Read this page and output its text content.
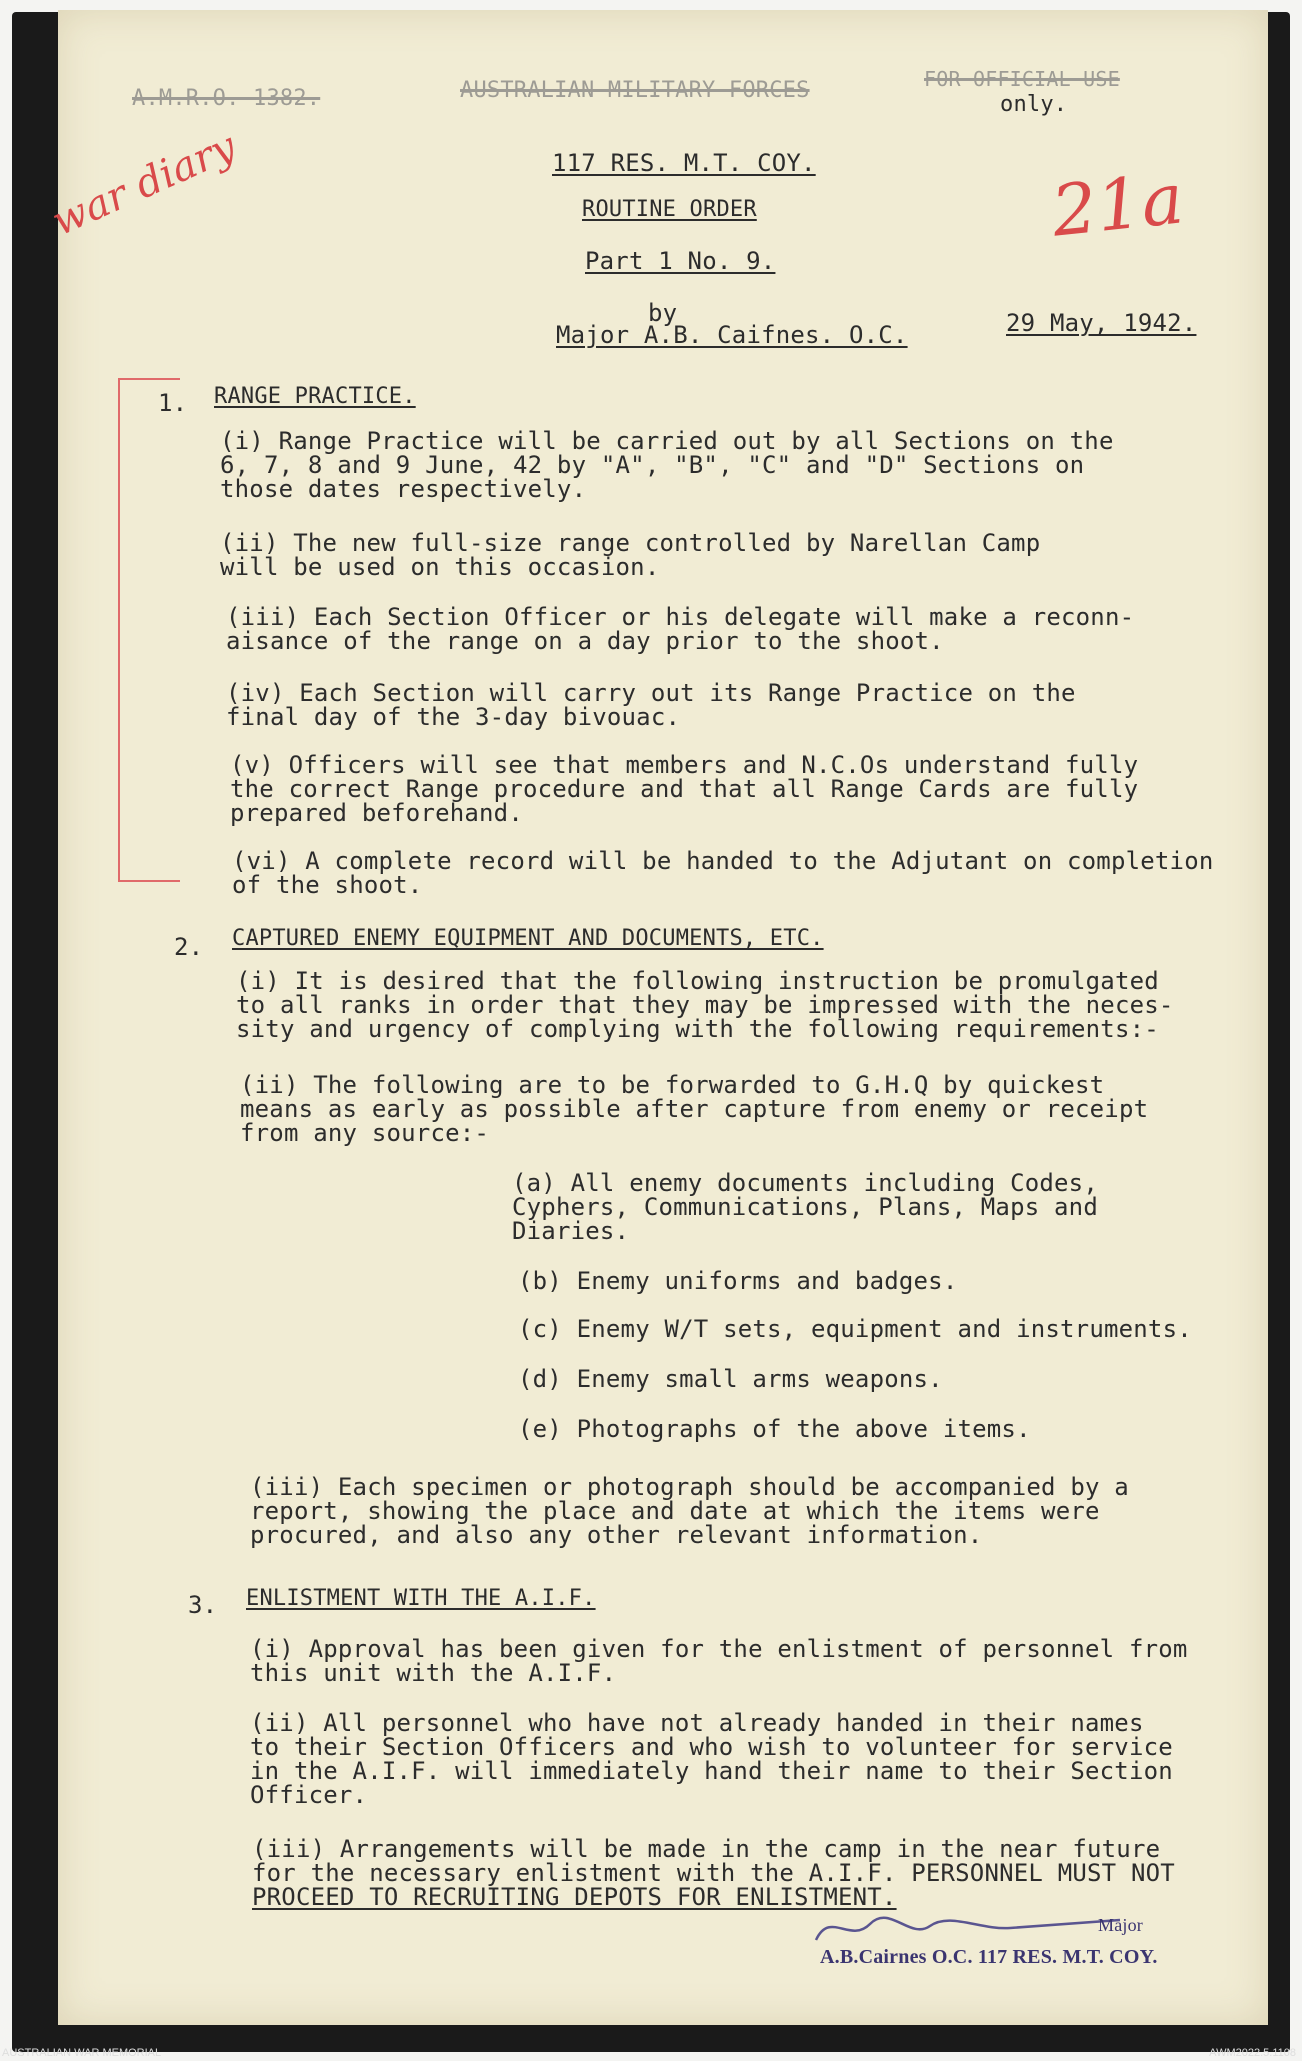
A.M.R.O. 1382.	AUSTRALIAN MILITARY FORCES	FOR OFFICIAL USE
only.
war diary	21a
117 RES. M.T. COY.
ROUTINE ORDER
Part 1 No. 9.
by
Major A.B. Caifnes. O.C.	29 May, 1942.
1. RANGE PRACTICE.
(i) Range Practice will be carried out by all Sections on the
6, 7, 8 and 9 June, 42 by "A", "B", "C" and "D" Sections on
those dates respectively.
(ii) The new full-size range controlled by Narellan Camp
will be used on this occasion.
(iii) Each Section Officer or his delegate will make a reconn-
aisance of the range on a day prior to the shoot.
(iv) Each Section will carry out its Range Practice on the
final day of the 3-day bivouac.
(v) Officers will see that members and N.C.Os understand fully
the correct Range procedure and that all Range Cards are fully
prepared beforehand.
(vi) A complete record will be handed to the Adjutant on completion
of the shoot.
2. CAPTURED ENEMY EQUIPMENT AND DOCUMENTS, ETC.
(i) It is desired that the following instruction be promulgated
to all ranks in order that they may be impressed with the neces-
sity and urgency of complying with the following requirements:-
(ii) The following are to be forwarded to G.H.Q by quickest
means as early as possible after capture from enemy or receipt
from any source:-
(a) All enemy documents including Codes,
Cyphers, Communications, Plans, Maps and
Diaries.
(b) Enemy uniforms and badges.
(c) Enemy W/T sets, equipment and instruments.
(d) Enemy small arms weapons.
(e) Photographs of the above items.
(iii) Each specimen or photograph should be accompanied by a
report, showing the place and date at which the items were
procured, and also any other relevant information.
3. ENLISTMENT WITH THE A.I.F.
(i) Approval has been given for the enlistment of personnel from
this unit with the A.I.F.
(ii) All personnel who have not already handed in their names
to their Section Officers and who wish to volunteer for service
in the A.I.F. will immediately hand their name to their Section
Officer.
(iii) Arrangements will be made in the camp in the near future
for the necessary enlistment with the A.I.F. PERSONNEL MUST NOT
PROCEED TO RECRUITING DEPOTS FOR ENLISTMENT.
Major
A.B.Cairnes O.C. 117 RES. M.T. COY.
AUSTRALIAN WAR MEMORIAL	AWM2022.5.1108
